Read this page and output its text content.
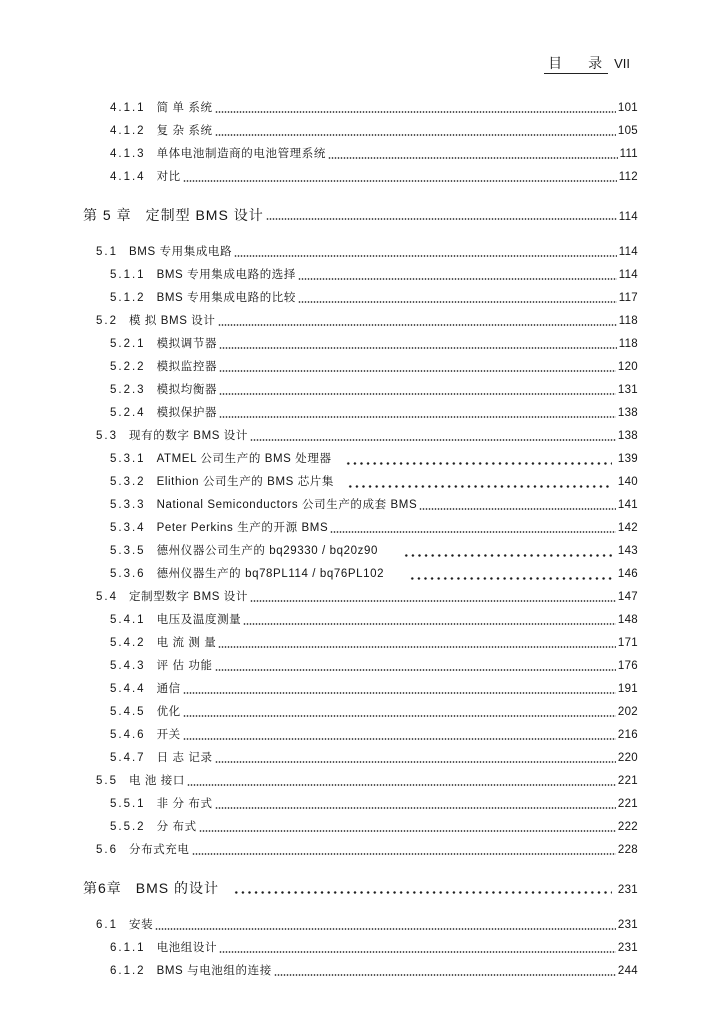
目　录 VII
4.1.1 简 单 系统	101
4.1.2 复 杂 系统	105
4.1.3 单体电池制造商的电池管理系统	111
4.1.4 对比	112
第 5 章 定制型 BMS 设计	114
5.1 BMS 专用集成电路	114
5.1.1 BMS 专用集成电路的选择	114
5.1.2 BMS 专用集成电路的比较	117
5.2 模 拟 BMS 设计	118
5.2.1 模拟调节器	118
5.2.2 模拟监控器	120
5.2.3 模拟均衡器	131
5.2.4 模拟保护器	138
5.3 现有的数字 BMS 设计	138
5.3.1 ATMEL 公司生产的 BMS 处理器	139
5.3.2 Elithion 公司生产的 BMS 芯片集	140
5.3.3 National Semiconductors 公司生产的成套 BMS	141
5.3.4 Peter Perkins 生产的开源 BMS	142
5.3.5 德州仪器公司生产的 bq29330 / bq20z90	143
5.3.6 德州仪器生产的 bq78PL114 / bq76PL102	146
5.4 定制型数字 BMS 设计	147
5.4.1 电压及温度测量	148
5.4.2 电 流 测 量	171
5.4.3 评 估 功能	176
5.4.4 通信	191
5.4.5 优化	202
5.4.6 开关	216
5.4.7 日 志 记录	220
5.5 电 池 接口	221
5.5.1 非 分 布式	221
5.5.2 分 布式	222
5.6 分布式充电	228
第6章 BMS 的设计	231
6.1 安装	231
6.1.1 电池组设计	231
6.1.2 BMS 与电池组的连接	244
